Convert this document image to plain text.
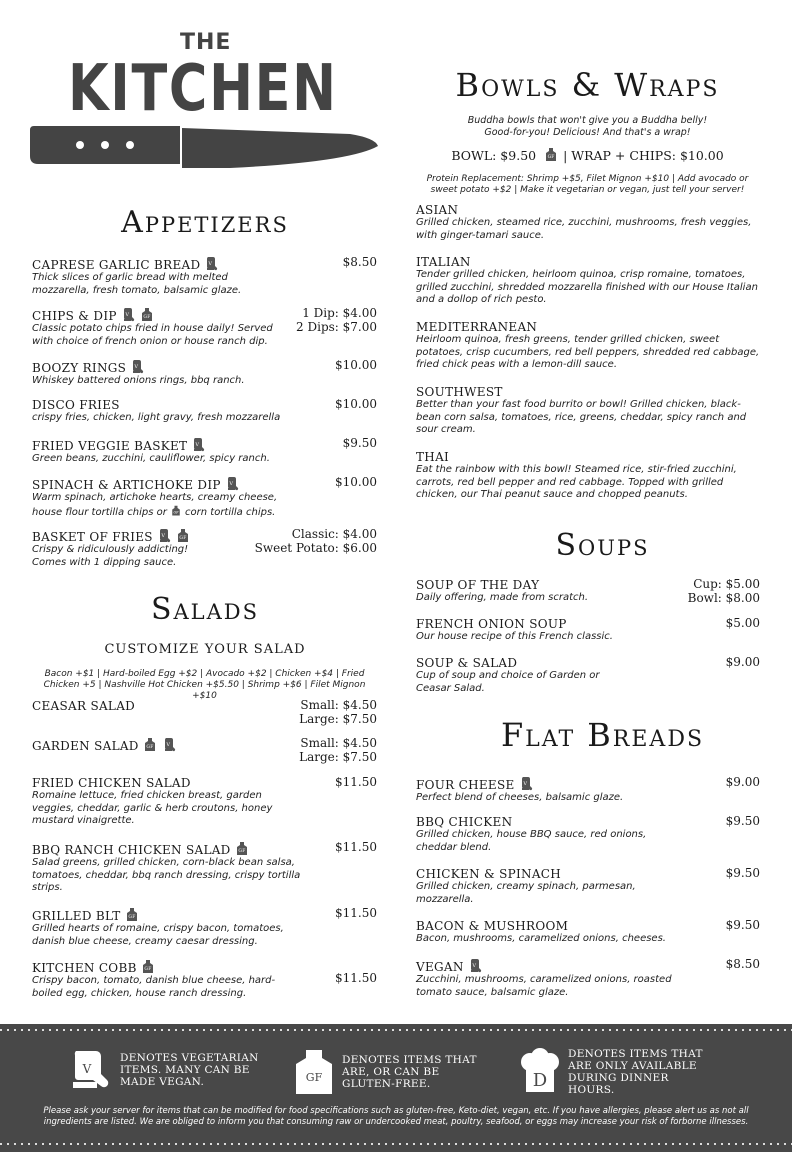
THE
KITCHEN
Appetizers
CAPRESE GARLIC BREAD
Thick slices of garlic bread with melted mozzarella, fresh tomato, balsamic glaze.
$8.50
CHIPS & DIP
Classic potato chips fried in house daily! Served with choice of french onion or house ranch dip.
1 Dip: $4.00
2 Dips: $7.00
BOOZY RINGS
Whiskey battered onions rings, bbq ranch.
$10.00
DISCO FRIES
crispy fries, chicken, light gravy, fresh mozzarella
$10.00
FRIED VEGGIE BASKET
Green beans, zucchini, cauliflower, spicy ranch.
$9.50
SPINACH & ARTICHOKE DIP
Warm spinach, artichoke hearts, creamy cheese,
house flour tortilla chips or corn tortilla chips.
$10.00
BASKET OF FRIES
Crispy & ridiculously addicting! Comes with 1 dipping sauce.
Classic: $4.00
Sweet Potato: $6.00
Salads
CUSTOMIZE YOUR SALAD
Bacon +$1 | Hard-boiled Egg +$2 | Avocado +$2 | Chicken +$4 | Fried Chicken +5 | Nashville Hot Chicken +$5.50 | Shrimp +$6 | Filet Mignon +$10
CEASAR SALAD	Small: $4.50
Large: $7.50
GARDEN SALAD	Small: $4.50
Large: $7.50
FRIED CHICKEN SALAD
Romaine lettuce, fried chicken breast, garden veggies, cheddar, garlic & herb croutons, honey mustard vinaigrette.
$11.50
BBQ RANCH CHICKEN SALAD
Salad greens, grilled chicken, corn-black bean salsa, tomatoes, cheddar, bbq ranch dressing, crispy tortilla strips.
$11.50
GRILLED BLT
Grilled hearts of romaine, crispy bacon, tomatoes, danish blue cheese, creamy caesar dressing.
$11.50
KITCHEN COBB
Crispy bacon, tomato, danish blue cheese, hard-boiled egg, chicken, house ranch dressing.
$11.50
Bowls & Wraps
Buddha bowls that won't give you a Buddha belly!
Good-for-you! Delicious! And that's a wrap!
BOWL: $9.50 | WRAP + CHIPS: $10.00
Protein Replacement: Shrimp +$5, Filet Mignon +$10 | Add avocado or sweet potato +$2 | Make it vegetarian or vegan, just tell your server!
ASIAN
Grilled chicken, steamed rice, zucchini, mushrooms, fresh veggies, with ginger-tamari sauce.
ITALIAN
Tender grilled chicken, heirloom quinoa, crisp romaine, tomatoes, grilled zucchini, shredded mozzarella finished with our House Italian and a dollop of rich pesto.
MEDITERRANEAN
Heirloom quinoa, fresh greens, tender grilled chicken, sweet potatoes, crisp cucumbers, red bell peppers, shredded red cabbage, fried chick peas with a lemon-dill sauce.
SOUTHWEST
Better than your fast food burrito or bowl! Grilled chicken, black-bean corn salsa, tomatoes, rice, greens, cheddar, spicy ranch and sour cream.
THAI
Eat the rainbow with this bowl! Steamed rice, stir-fried zucchini, carrots, red bell pepper and red cabbage. Topped with grilled chicken, our Thai peanut sauce and chopped peanuts.
Soups
SOUP OF THE DAY
Daily offering, made from scratch.
Cup: $5.00
Bowl: $8.00
FRENCH ONION SOUP
Our house recipe of this French classic.
$5.00
SOUP & SALAD
Cup of soup and choice of Garden or Ceasar Salad.
$9.00
Flat Breads
FOUR CHEESE
Perfect blend of cheeses, balsamic glaze.
$9.00
BBQ CHICKEN
Grilled chicken, house BBQ sauce, red onions, cheddar blend.
$9.50
CHICKEN & SPINACH
Grilled chicken, creamy spinach, parmesan, mozzarella.
$9.50
BACON & MUSHROOM
Bacon, mushrooms, caramelized onions, cheeses.
$9.50
VEGAN
Zucchini, mushrooms, caramelized onions, roasted tomato sauce, balsamic glaze.
$8.50
V
DENOTES VEGETARIAN ITEMS. MANY CAN BE MADE VEGAN.	GF
DENOTES ITEMS THAT ARE, OR CAN BE GLUTEN-FREE.	D
DENOTES ITEMS THAT ARE ONLY AVAILABLE DURING DINNER HOURS.
Please ask your server for items that can be modified for food specifications such as gluten-free, Keto-diet, vegan, etc. If you have allergies, please alert us as not all ingredients are listed. We are obliged to inform you that consuming raw or undercooked meat, poultry, seafood, or eggs may increase your risk of forborne illnesses.
